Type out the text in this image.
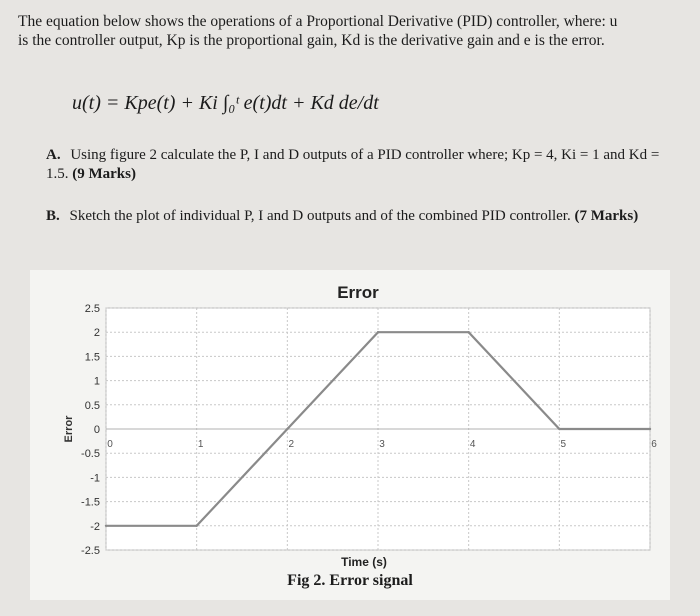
The equation below shows the operations of a Proportional Derivative (PID) controller, where: u
is the controller output, Kp is the proportional gain, Kd is the derivative gain and e is the error.
u(t) = Kpe(t) + Ki ∫₀ᵗ e(t)dt + Kd de/dt
A. Using figure 2 calculate the P, I and D outputs of a PID controller where; Kp = 4, Ki = 1 and Kd = 1.5. (9 Marks)
B. Sketch the plot of individual P, I and D outputs and of the combined PID controller. (7 Marks)
2.5
2
1.5
1
0.5
0
-0.5
-1
-1.5
-2
-2.5
0	1	2	3	4	5	6
Error
Time (s)
Error
Fig 2. Error signal
